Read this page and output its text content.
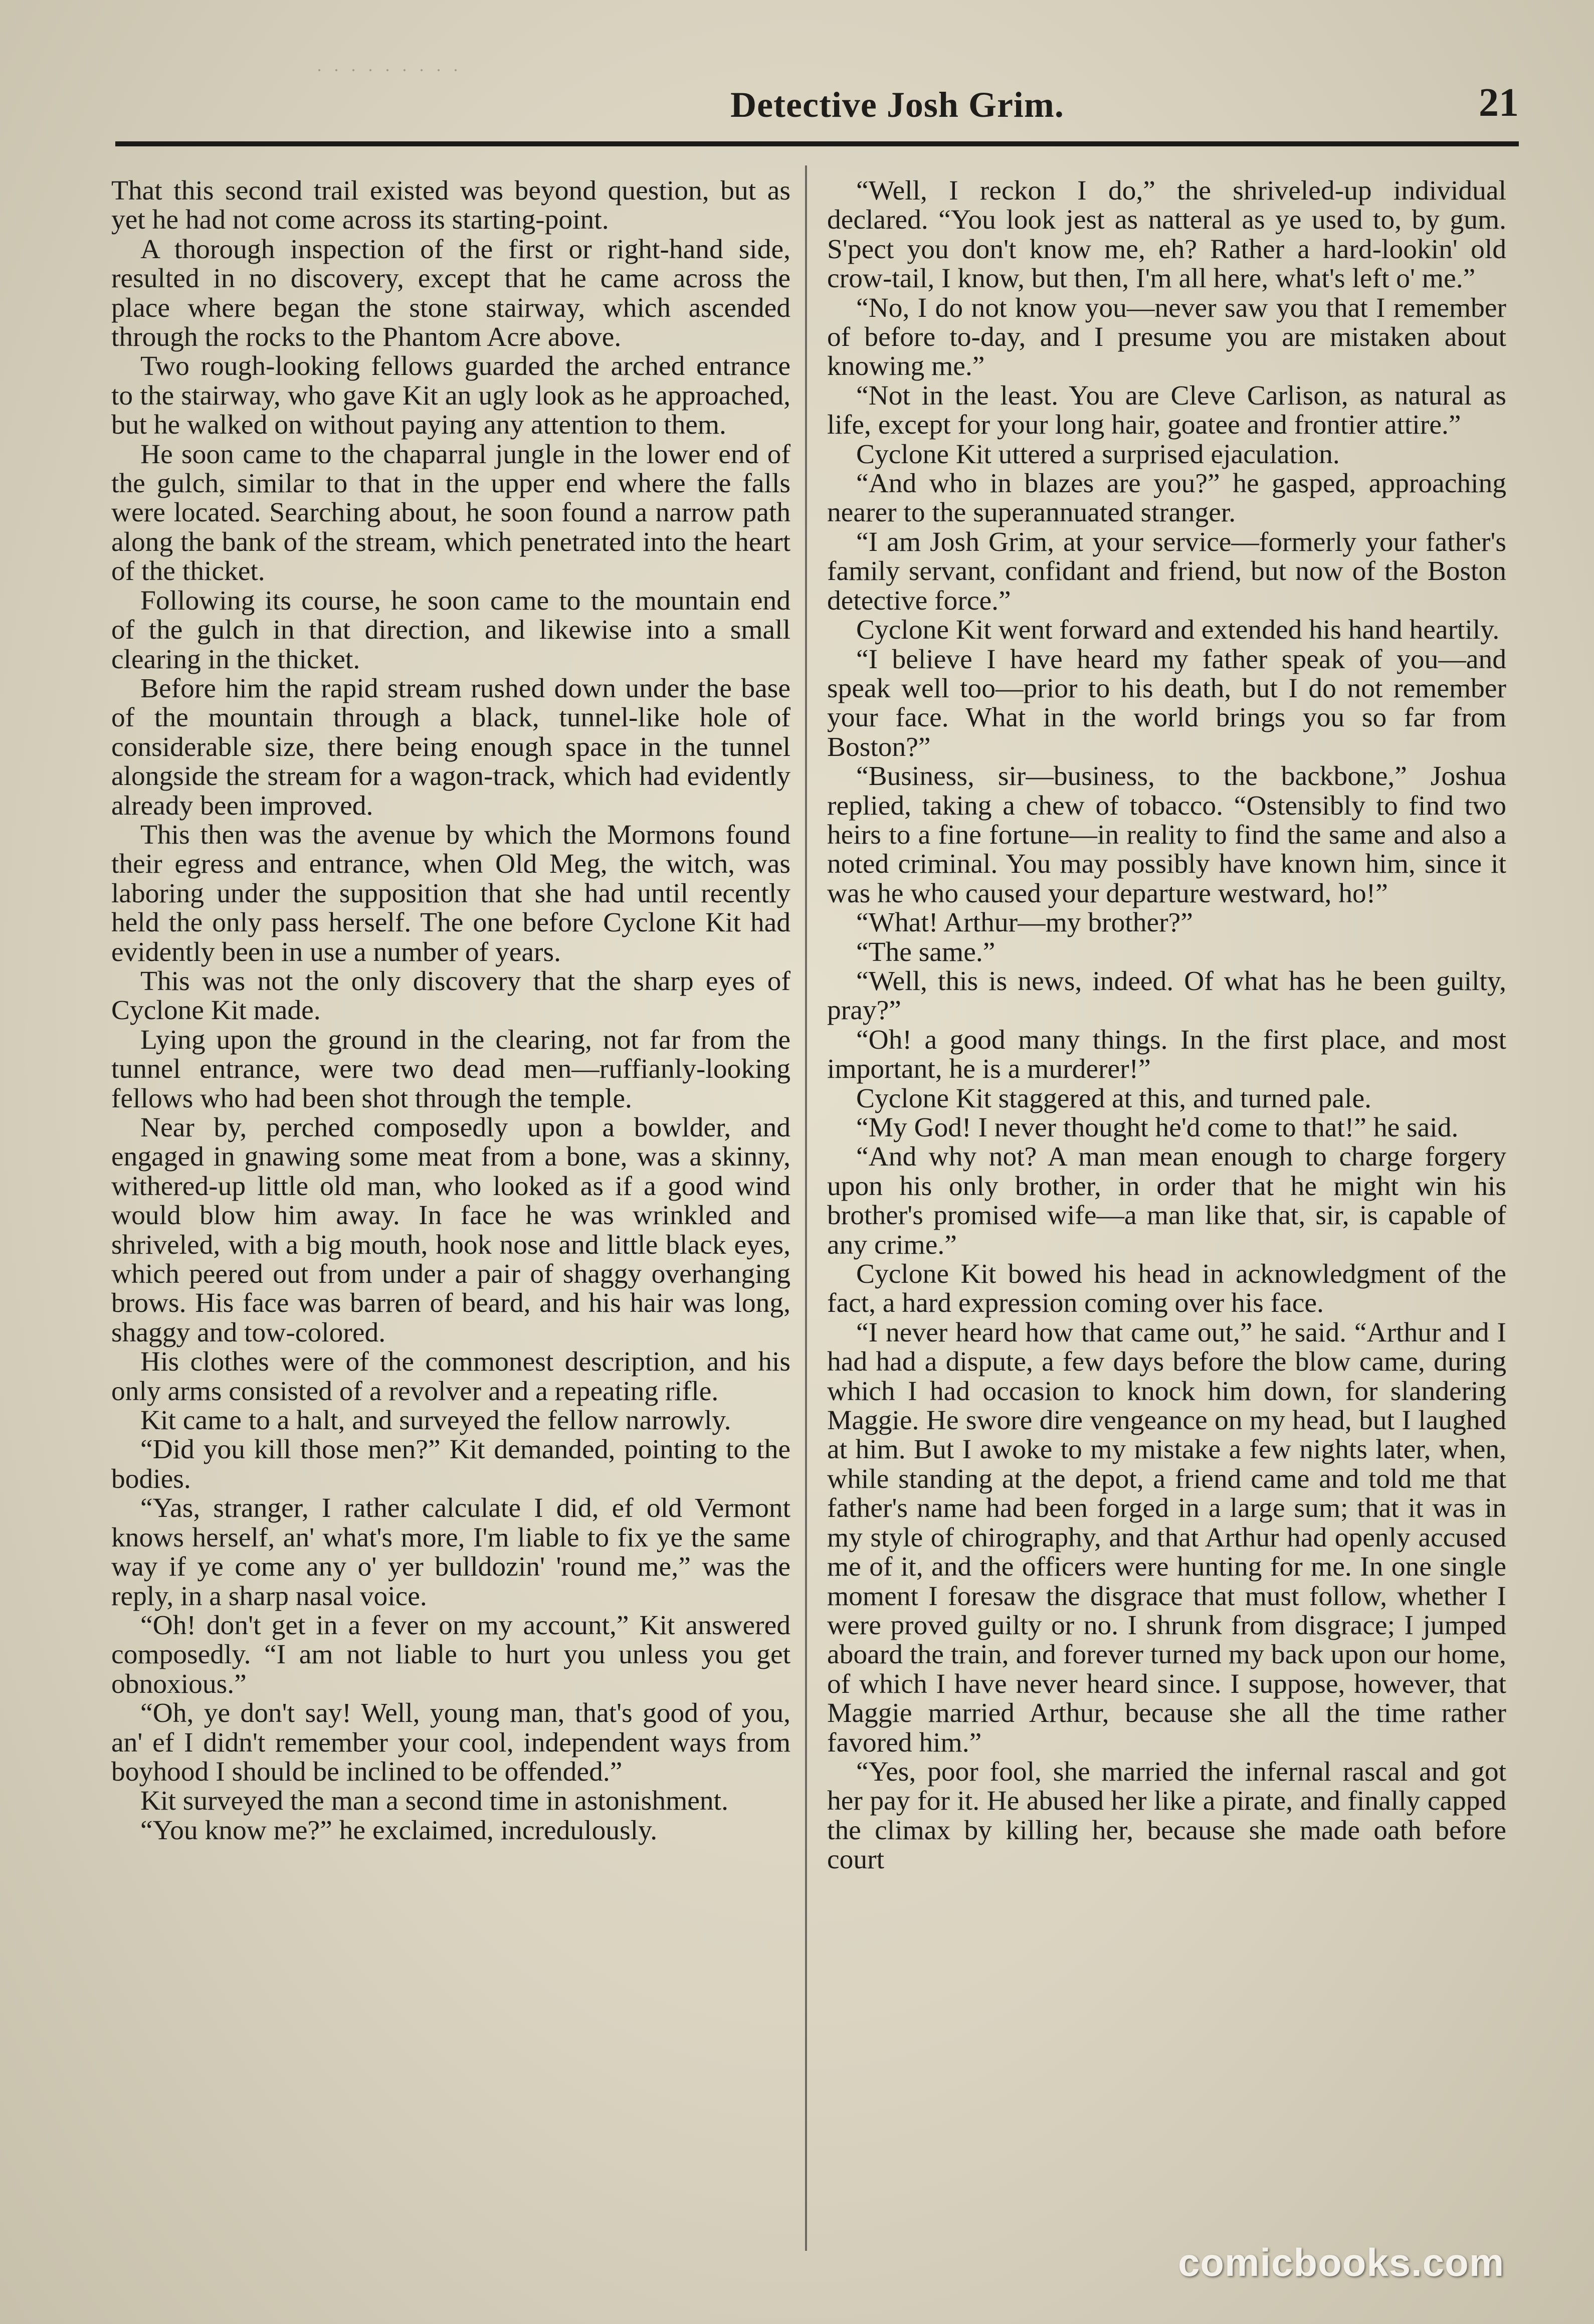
Detective Josh Grim.	21

That this second trail existed was beyond question, but as yet he had not come across its starting-point.

A thorough inspection of the first or right-hand side, resulted in no discovery, except that he came across the place where began the stone stairway, which ascended through the rocks to the Phantom Acre above.

Two rough-looking fellows guarded the arched entrance to the stairway, who gave Kit an ugly look as he approached, but he walked on without paying any attention to them.

He soon came to the chaparral jungle in the lower end of the gulch, similar to that in the upper end where the falls were located. Searching about, he soon found a narrow path along the bank of the stream, which penetrated into the heart of the thicket.

Following its course, he soon came to the mountain end of the gulch in that direction, and likewise into a small clearing in the thicket.

Before him the rapid stream rushed down under the base of the mountain through a black, tunnel-like hole of considerable size, there being enough space in the tunnel alongside the stream for a wagon-track, which had evidently already been improved.

This then was the avenue by which the Mormons found their egress and entrance, when Old Meg, the witch, was laboring under the supposition that she had until recently held the only pass herself. The one before Cyclone Kit had evidently been in use a number of years.

This was not the only discovery that the sharp eyes of Cyclone Kit made.

Lying upon the ground in the clearing, not far from the tunnel entrance, were two dead men—ruffianly-looking fellows who had been shot through the temple.

Near by, perched composedly upon a bowlder, and engaged in gnawing some meat from a bone, was a skinny, withered-up little old man, who looked as if a good wind would blow him away. In face he was wrinkled and shriveled, with a big mouth, hook nose and little black eyes, which peered out from under a pair of shaggy overhanging brows. His face was barren of beard, and his hair was long, shaggy and tow-colored.

His clothes were of the commonest description, and his only arms consisted of a revolver and a repeating rifle.

Kit came to a halt, and surveyed the fellow narrowly.

“Did you kill those men?” Kit demanded, pointing to the bodies.

“Yas, stranger, I rather calculate I did, ef old Vermont knows herself, an' what's more, I'm liable to fix ye the same way if ye come any o' yer bulldozin' 'round me,” was the reply, in a sharp nasal voice.

“Oh! don't get in a fever on my account,” Kit answered composedly. “I am not liable to hurt you unless you get obnoxious.”

“Oh, ye don't say! Well, young man, that's good of you, an' ef I didn't remember your cool, independent ways from boyhood I should be inclined to be offended.”

Kit surveyed the man a second time in astonishment.

“You know me?” he exclaimed, incredulously.

“Well, I reckon I do,” the shriveled-up individual declared. “You look jest as natteral as ye used to, by gum. S'pect you don't know me, eh? Rather a hard-lookin' old crow-tail, I know, but then, I'm all here, what's left o' me.”

“No, I do not know you—never saw you that I remember of before to-day, and I presume you are mistaken about knowing me.”

“Not in the least. You are Cleve Carlison, as natural as life, except for your long hair, goatee and frontier attire.”

Cyclone Kit uttered a surprised ejaculation.

“And who in blazes are you?” he gasped, approaching nearer to the superannuated stranger.

“I am Josh Grim, at your service—formerly your father's family servant, confidant and friend, but now of the Boston detective force.”

Cyclone Kit went forward and extended his hand heartily.

“I believe I have heard my father speak of you—and speak well too—prior to his death, but I do not remember your face. What in the world brings you so far from Boston?”

“Business, sir—business, to the backbone,” Joshua replied, taking a chew of tobacco. “Ostensibly to find two heirs to a fine fortune—in reality to find the same and also a noted criminal. You may possibly have known him, since it was he who caused your departure westward, ho!”

“What! Arthur—my brother?”

“The same.”

“Well, this is news, indeed. Of what has he been guilty, pray?”

“Oh! a good many things. In the first place, and most important, he is a murderer!”

Cyclone Kit staggered at this, and turned pale.

“My God! I never thought he'd come to that!” he said.

“And why not? A man mean enough to charge forgery upon his only brother, in order that he might win his brother's promised wife—a man like that, sir, is capable of any crime.”

Cyclone Kit bowed his head in acknowledgment of the fact, a hard expression coming over his face.

“I never heard how that came out,” he said. “Arthur and I had had a dispute, a few days before the blow came, during which I had occasion to knock him down, for slandering Maggie. He swore dire vengeance on my head, but I laughed at him. But I awoke to my mistake a few nights later, when, while standing at the depot, a friend came and told me that father's name had been forged in a large sum; that it was in my style of chirography, and that Arthur had openly accused me of it, and the officers were hunting for me. In one single moment I foresaw the disgrace that must follow, whether I were proved guilty or no. I shrunk from disgrace; I jumped aboard the train, and forever turned my back upon our home, of which I have never heard since. I suppose, however, that Maggie married Arthur, because she all the time rather favored him.”

“Yes, poor fool, she married the infernal rascal and got her pay for it. He abused her like a pirate, and finally capped the climax by killing her, because she made oath before court

comicbooks.com
